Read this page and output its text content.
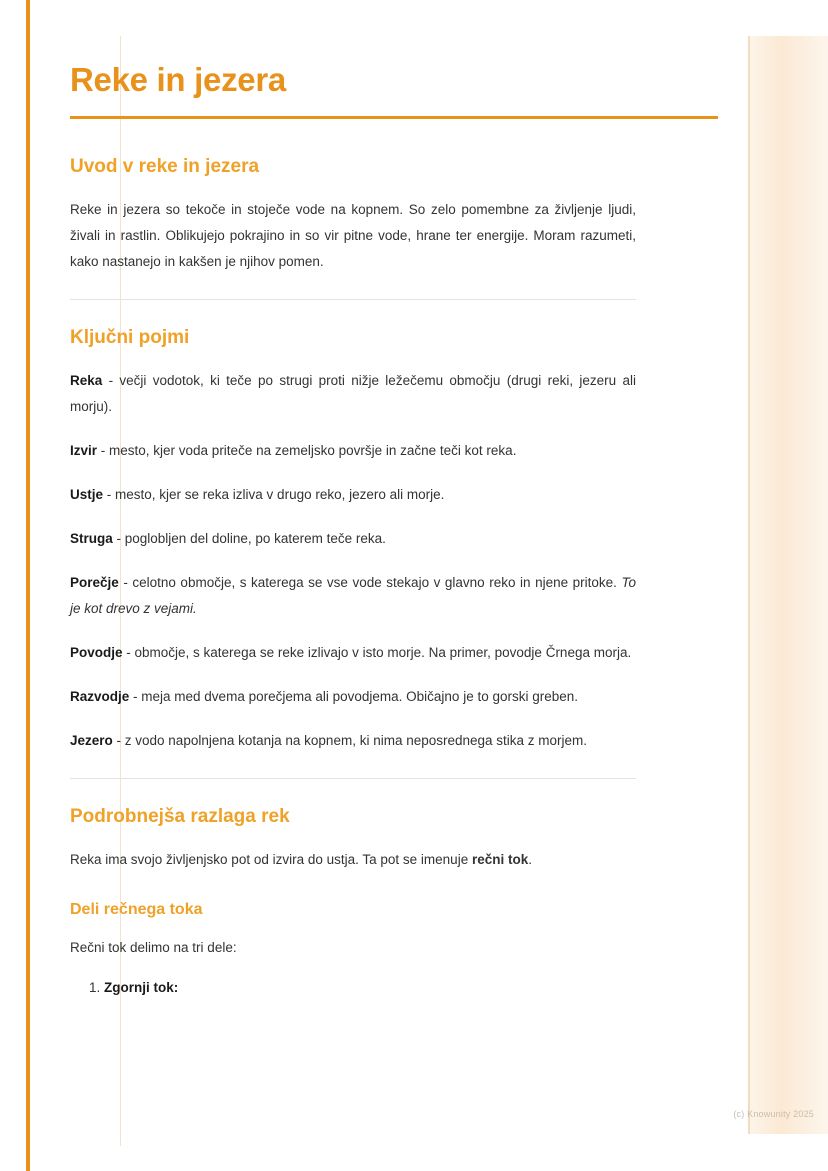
Reke in jezera
Uvod v reke in jezera

Reke in jezera so tekoče in stoječe vode na kopnem. So zelo pomembne za življenje ljudi, živali in rastlin. Oblikujejo pokrajino in so vir pitne vode, hrane ter energije. Moram razumeti, kako nastanejo in kakšen je njihov pomen.

Ključni pojmi

Reka - večji vodotok, ki teče po strugi proti nižje ležečemu območju (drugi reki, jezeru ali morju).

Izvir - mesto, kjer voda priteče na zemeljsko površje in začne teči kot reka.

Ustje - mesto, kjer se reka izliva v drugo reko, jezero ali morje.

Struga - poglobljen del doline, po katerem teče reka.

Porečje - celotno območje, s katerega se vse vode stekajo v glavno reko in njene pritoke. To je kot drevo z vejami.

Povodje - območje, s katerega se reke izlivajo v isto morje. Na primer, povodje Črnega morja.

Razvodje - meja med dvema porečjema ali povodjema. Običajno je to gorski greben.

Jezero - z vodo napolnjena kotanja na kopnem, ki nima neposrednega stika z morjem.

Podrobnejša razlaga rek

Reka ima svojo življenjsko pot od izvira do ustja. Ta pot se imenuje rečni tok.

Deli rečnega toka

Rečni tok delimo na tri dele:

1. Zgornji tok:
(c) Knowunity 2025
